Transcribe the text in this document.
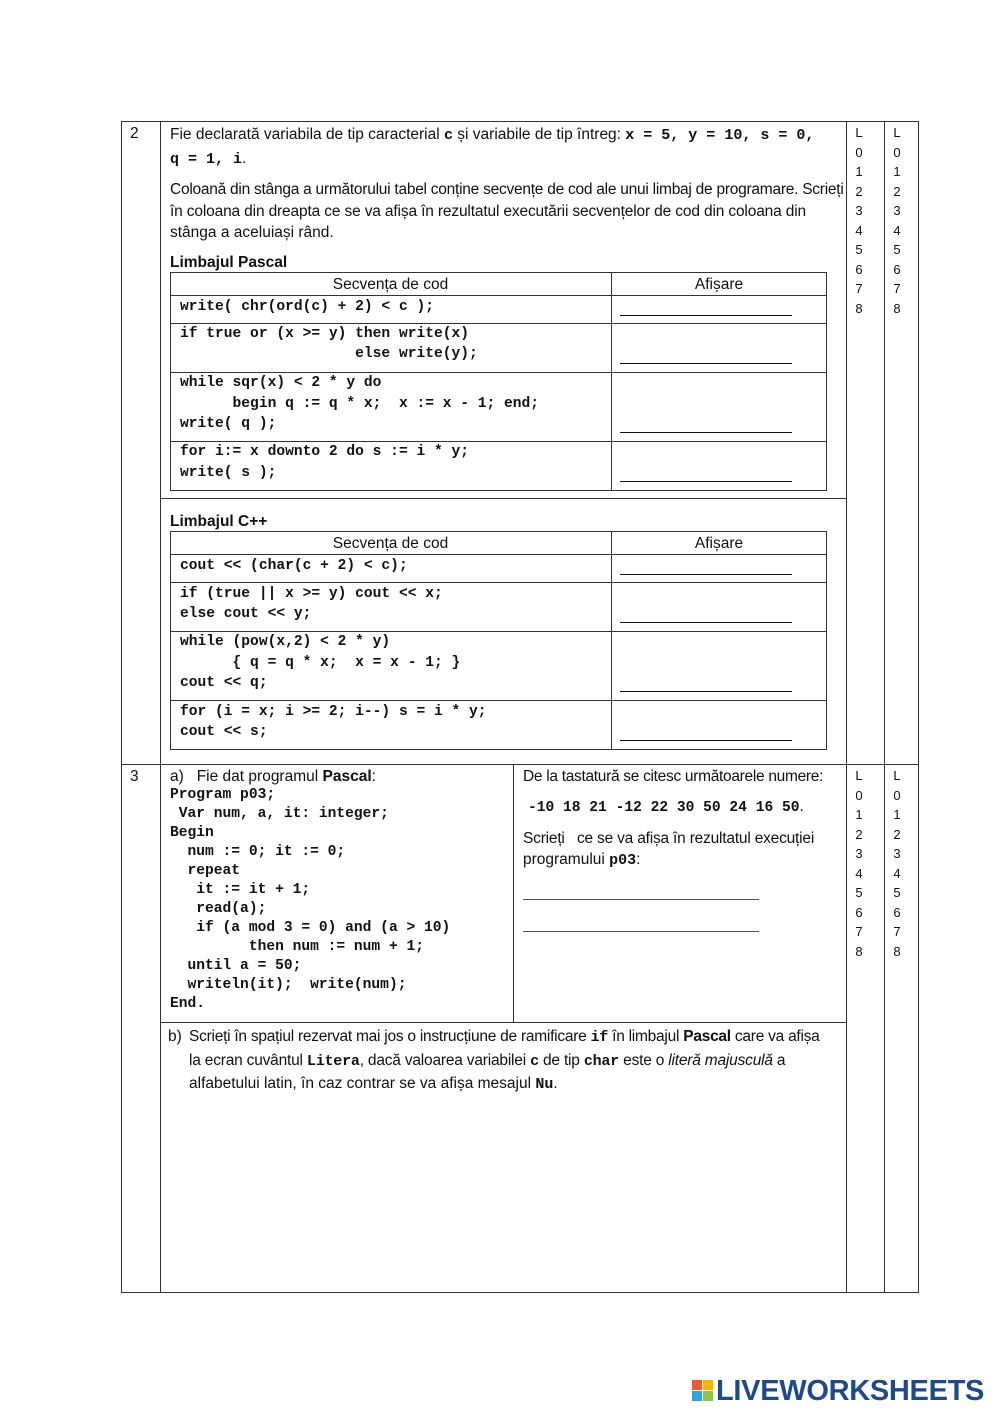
2 Fie declarată variabila de tip caracterial c și variabile de tip întreg: x = 5, y = 10, s = 0,
q = 1, i.
Coloană din stânga a următorului tabel conține secvențe de cod ale unui limbaj de programare. Scrieți
în coloana din dreapta ce se va afișa în rezultatul executării secvențelor de cod din coloana din
stânga a aceluiași rând.
Limbajul Pascal
Secvența de cod	Afișare
write( chr(ord(c) + 2) < c );
if true or (x >= y) then write(x)
else write(y);
while sqr(x) < 2 * y do
begin q := q * x;  x := x - 1; end;
write( q );
for i:= x downto 2 do s := i * y;
write( s );
Limbajul C++
Secvența de cod	Afișare
cout << (char(c + 2) < c);
if (true || x >= y) cout << x;
else cout << y;
while (pow(x,2) < 2 * y)
{ q = q * x;  x = x - 1; }
cout << q;
for (i = x; i >= 2; i--) s = i * y;
cout << s;
L
0
1
2
3
4
5
6
7
8
L
0
1
2
3
4
5
6
7
8
3 a) Fie dat programul Pascal:
Program p03;
Var num, a, it: integer;
Begin
num := 0; it := 0;
repeat
it := it + 1;
read(a);
if (a mod 3 = 0) and (a > 10)
then num := num + 1;
until a = 50;
writeln(it);  write(num);
End.
De la tastatură se citesc următoarele numere:
-10 18 21 -12 22 30 50 24 16 50.
Scrieți   ce se va afișa în rezultatul execuției
programului p03:
b) Scrieți în spațiul rezervat mai jos o instrucțiune de ramificare if în limbajul Pascal care va afișa
la ecran cuvântul Litera, dacă valoarea variabilei c de tip char este o literă majusculă a
alfabetului latin, în caz contrar se va afișa mesajul Nu.
L
0
1
2
3
4
5
6
7
8
L
0
1
2
3
4
5
6
7
8
LIVEWORKSHEETS
